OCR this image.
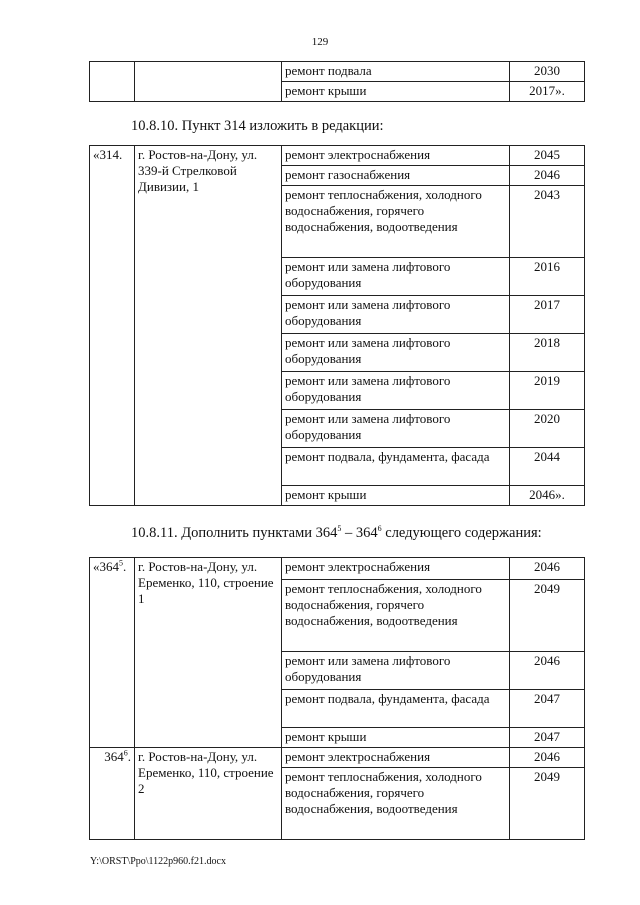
129
		ремонт подвала	2030
		ремонт крыши	2017».
10.8.10. Пункт 314 изложить в редакции:
«314.	г. Ростов-на-Дону, ул. 339-й Стрелковой Дивизии, 1	ремонт электроснабжения	2045
		ремонт газоснабжения	2046
		ремонт теплоснабжения, холодного водоснабжения, горячего водоснабжения, водоотведения	2043
		ремонт или замена лифтового оборудования	2016
		ремонт или замена лифтового оборудования	2017
		ремонт или замена лифтового оборудования	2018
		ремонт или замена лифтового оборудования	2019
		ремонт или замена лифтового оборудования	2020
		ремонт подвала, фундамента, фасада	2044
		ремонт крыши	2046».
10.8.11. Дополнить пунктами $364^5 - 364^6$ следующего содержания:
«$364^5$.	г. Ростов-на-Дону, ул. Еременко, 110, строение 1	ремонт электроснабжения	2046
		ремонт теплоснабжения, холодного водоснабжения, горячего водоснабжения, водоотведения	2049
		ремонт или замена лифтового оборудования	2046
		ремонт подвала, фундамента, фасада	2047
		ремонт крыши	2047
$364^6$.	г. Ростов-на-Дону, ул. Еременко, 110, строение 2	ремонт электроснабжения	2046
		ремонт теплоснабжения, холодного водоснабжения, горячего водоснабжения, водоотведения	2049
Y:\ORST\Ppo\1122p960.f21.docx
